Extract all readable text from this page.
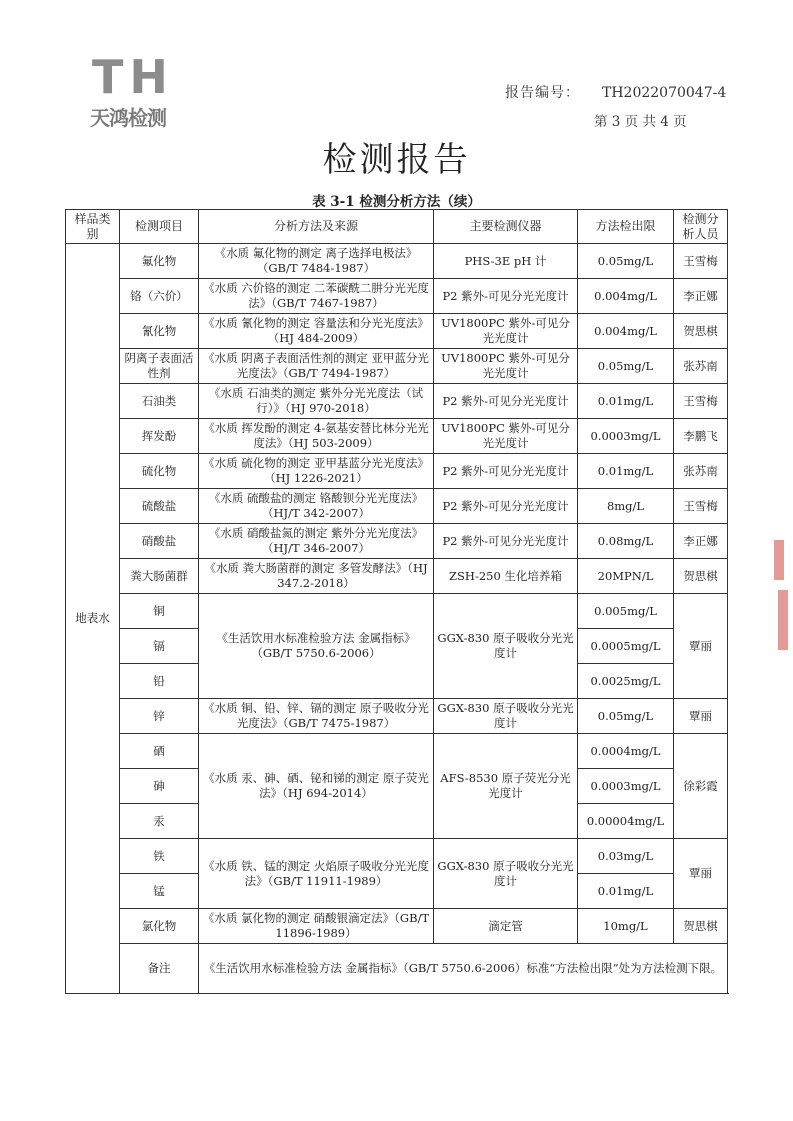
TH
天鸿检测
报告编号： TH2022070047-4
第 3 页 共 4 页
检测报告
表 3-1 检测分析方法（续）
样品类别	检测项目	分析方法及来源	主要检测仪器	方法检出限	检测分析人员
地表水	氟化物	《水质 氟化物的测定 离子选择电极法》（GB/T 7484-1987）	PHS-3E pH 计	0.05mg/L	王雪梅
	铬（六价）	《水质 六价铬的测定 二苯碳酰二肼分光光度法》（GB/T 7467-1987）	P2 紫外-可见分光光度计	0.004mg/L	李正娜
	氰化物	《水质 氰化物的测定 容量法和分光光度法》（HJ 484-2009）	UV1800PC 紫外-可见分光光度计	0.004mg/L	贺思棋
	阴离子表面活性剂	《水质 阴离子表面活性剂的测定 亚甲蓝分光光度法》（GB/T 7494-1987）	UV1800PC 紫外-可见分光光度计	0.05mg/L	张苏南
	石油类	《水质 石油类的测定 紫外分光光度法（试行）》（HJ 970-2018）	P2 紫外-可见分光光度计	0.01mg/L	王雪梅
	挥发酚	《水质 挥发酚的测定 4-氨基安替比林分光光度法》（HJ 503-2009）	UV1800PC 紫外-可见分光光度计	0.0003mg/L	李鹏飞
	硫化物	《水质 硫化物的测定 亚甲基蓝分光光度法》（HJ 1226-2021）	P2 紫外-可见分光光度计	0.01mg/L	张苏南
	硫酸盐	《水质 硫酸盐的测定 铬酸钡分光光度法》（HJ/T 342-2007）	P2 紫外-可见分光光度计	8mg/L	王雪梅
	硝酸盐	《水质 硝酸盐氮的测定 紫外分光光度法》（HJ/T 346-2007）	P2 紫外-可见分光光度计	0.08mg/L	李正娜
	粪大肠菌群	《水质 粪大肠菌群的测定 多管发酵法》（HJ 347.2-2018）	ZSH-250 生化培养箱	20MPN/L	贺思棋
	铜	《生活饮用水标准检验方法 金属指标》（GB/T 5750.6-2006）	GGX-830 原子吸收分光光度计	0.005mg/L	覃丽
	镉			0.0005mg/L	
	铅			0.0025mg/L	
	锌	《水质 铜、铅、锌、镉的测定 原子吸收分光光度法》（GB/T 7475-1987）	GGX-830 原子吸收分光光度计	0.05mg/L	覃丽
	硒	《水质 汞、砷、硒、铋和锑的测定 原子荧光法》（HJ 694-2014）	AFS-8530 原子荧光分光光度计	0.0004mg/L	徐彩霞
	砷			0.0003mg/L	
	汞			0.00004mg/L	
	铁	《水质 铁、锰的测定 火焰原子吸收分光光度法》（GB/T 11911-1989）	GGX-830 原子吸收分光光度计	0.03mg/L	覃丽
	锰			0.01mg/L	
	氯化物	《水质 氯化物的测定 硝酸银滴定法》（GB/T 11896-1989）	滴定管	10mg/L	贺思棋
	备注	《生活饮用水标准检验方法 金属指标》（GB/T 5750.6-2006）标准“方法检出限”处为方法检测下限。			
